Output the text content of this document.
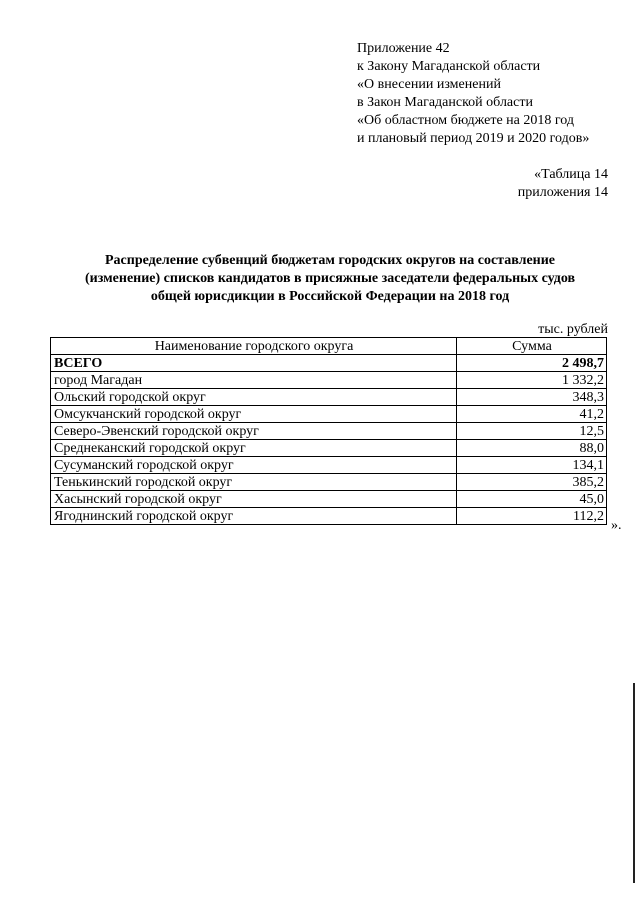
Приложение 42
к Закону Магаданской области
«О внесении изменений
в Закон Магаданской области
«Об областном бюджете на 2018 год
и плановый период 2019 и 2020 годов»
«Таблица 14
приложения 14
Распределение субвенций бюджетам городских округов на составление
(изменение) списков кандидатов в присяжные заседатели федеральных судов
общей юрисдикции в Российской Федерации на 2018 год
тыс. рублей
Наименование городского округа	Сумма
ВСЕГО	2 498,7
город Магадан	1 332,2
Ольский городской округ	348,3
Омсукчанский городской округ	41,2
Северо-Эвенский городской округ	12,5
Среднеканский городской округ	88,0
Сусуманский городской округ	134,1
Тенькинский городской округ	385,2
Хасынский городской округ	45,0
Ягоднинский городской округ	112,2
».
